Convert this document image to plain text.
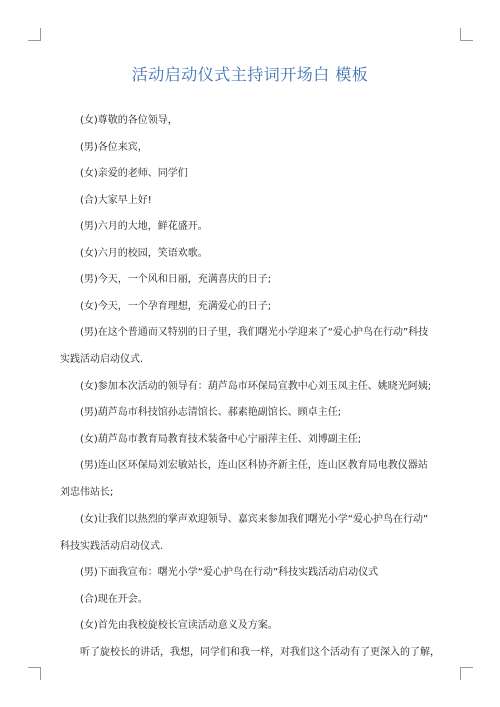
活动启动仪式主持词开场白 模板

(女)尊敬的各位领导，

(男)各位来宾，

(女)亲爱的老师、同学们

(合)大家早上好!

(男)六月的大地，鲜花盛开。

(女)六月的校园，笑语欢歌。

(男)今天，一个风和日丽，充满喜庆的日子;

(女)今天，一个孕育理想，充满爱心的日子;

(男)在这个普通而又特别的日子里，我们曙光小学迎来了“爱心护鸟在行动”科技
实践活动启动仪式.

(女)参加本次活动的领导有：葫芦岛市环保局宣教中心刘玉凤主任、姚晓光阿姨;

(男)葫芦岛市科技馆孙志清馆长、郝素艳副馆长、顾卓主任;

(女)葫芦岛市教育局教育技术装备中心宁丽萍主任、刘博副主任;

(男)连山区环保局刘宏敏站长，连山区科协齐新主任，连山区教育局电教仪器站
刘忠伟站长;

(女)让我们以热烈的掌声欢迎领导、嘉宾来参加我们曙光小学“爱心护鸟在行动”
科技实践活动启动仪式.

(男)下面我宣布：曙光小学“爱心护鸟在行动”科技实践活动启动仪式

(合)现在开会。

(女)首先由我校旋校长宣读活动意义及方案。

听了旋校长的讲话，我想，同学们和我一样，对我们这个活动有了更深入的了解，
